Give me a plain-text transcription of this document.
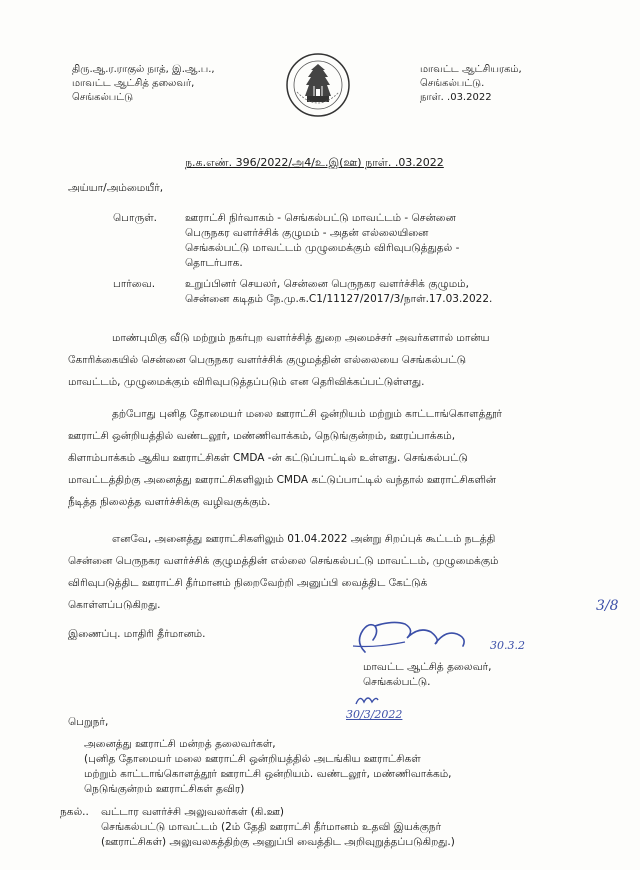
திரு.ஆ.ர.ராகுல் நாத், இ.ஆ.ப.,
மாவட்ட ஆட்சித் தலைவர்,
செங்கல்பட்டு
மாவட்ட ஆட்சியரகம்,
செங்கல்பட்டு.
நாள். .03.2022
ந.க.எண். 396/2022/அ4/உ.இ(ஊ) நாள். .03.2022
அய்யா/அம்மையீர்,
பொருள்.	ஊராட்சி நிர்வாகம் - செங்கல்பட்டு மாவட்டம் - சென்னை
பெருநகர வளர்ச்சிக் குழுமம் - அதன் எல்லையினை
செங்கல்பட்டு மாவட்டம் முழுமைக்கும் விரிவுபடுத்துதல் -
தொடர்பாக.
பார்வை.	உறுப்பினர் செயலர், சென்னை பெருநகர வளர்ச்சிக் குழுமம்,
சென்னை கடிதம் நே.மு.க.C1/11127/2017/3/நாள்.17.03.2022.
மாண்புமிகு வீடு மற்றும் நகர்புற வளர்ச்சித் துறை அமைச்சர் அவர்களால் மான்ய
கோரிக்கையில் சென்னை பெருநகர வளர்ச்சிக் குழுமத்தின் எல்லையை செங்கல்பட்டு
மாவட்டம், முழுமைக்கும் விரிவுபடுத்தப்படும் என தெரிவிக்கப்பட்டுள்ளது.
தற்போது புனித தோமையர் மலை ஊராட்சி ஒன்றியம் மற்றும் காட்டாங்கொளத்தூர்
ஊராட்சி ஒன்றியத்தில் வண்டலூர், மண்ணிவாக்கம், நெடுங்குன்றம், ஊரப்பாக்கம்,
கிளாம்பாக்கம் ஆகிய ஊராட்சிகள் CMDA -ன் கட்டுப்பாட்டில் உள்ளது. செங்கல்பட்டு
மாவட்டத்திற்கு அனைத்து ஊராட்சிகளிலும் CMDA கட்டுப்பாட்டில் வந்தால் ஊராட்சிகளின்
நீடித்த நிலைத்த வளர்ச்சிக்கு வழிவகுக்கும்.
எனவே, அனைத்து ஊராட்சிகளிலும் 01.04.2022 அன்று சிறப்புக் கூட்டம் நடத்தி
சென்னை பெருநகர வளர்ச்சிக் குழுமத்தின் எல்லை செங்கல்பட்டு மாவட்டம், முழுமைக்கும்
விரிவுபடுத்திட ஊராட்சி தீர்மானம் நிறைவேற்றி அனுப்பி வைத்திட கேட்டுக்
கொள்ளப்படுகிறது.	3/8
இணைப்பு. மாதிரி தீர்மானம்.
30.3.2
மாவட்ட ஆட்சித் தலைவர்,
செங்கல்பட்டு.
30/3/2022
பெறுநர்,
அனைத்து ஊராட்சி மன்றத் தலைவர்கள்,
(புனித தோமையர் மலை ஊராட்சி ஒன்றியத்தில் அடங்கிய ஊராட்சிகள்
மற்றும் காட்டாங்கொளத்தூர் ஊராட்சி ஒன்றியம். வண்டலூர், மண்ணிவாக்கம்,
நெடுங்குன்றம் ஊராட்சிகள் தவிர)
நகல்.. வட்டார வளர்ச்சி அலுவலர்கள் (கி.ஊ)
செங்கல்பட்டு மாவட்டம் (2ம் தேதி ஊராட்சி தீர்மானம் உதவி இயக்குநர்
(ஊராட்சிகள்) அலுவலகத்திற்கு அனுப்பி வைத்திட அறிவுறுத்தப்படுகிறது.)
